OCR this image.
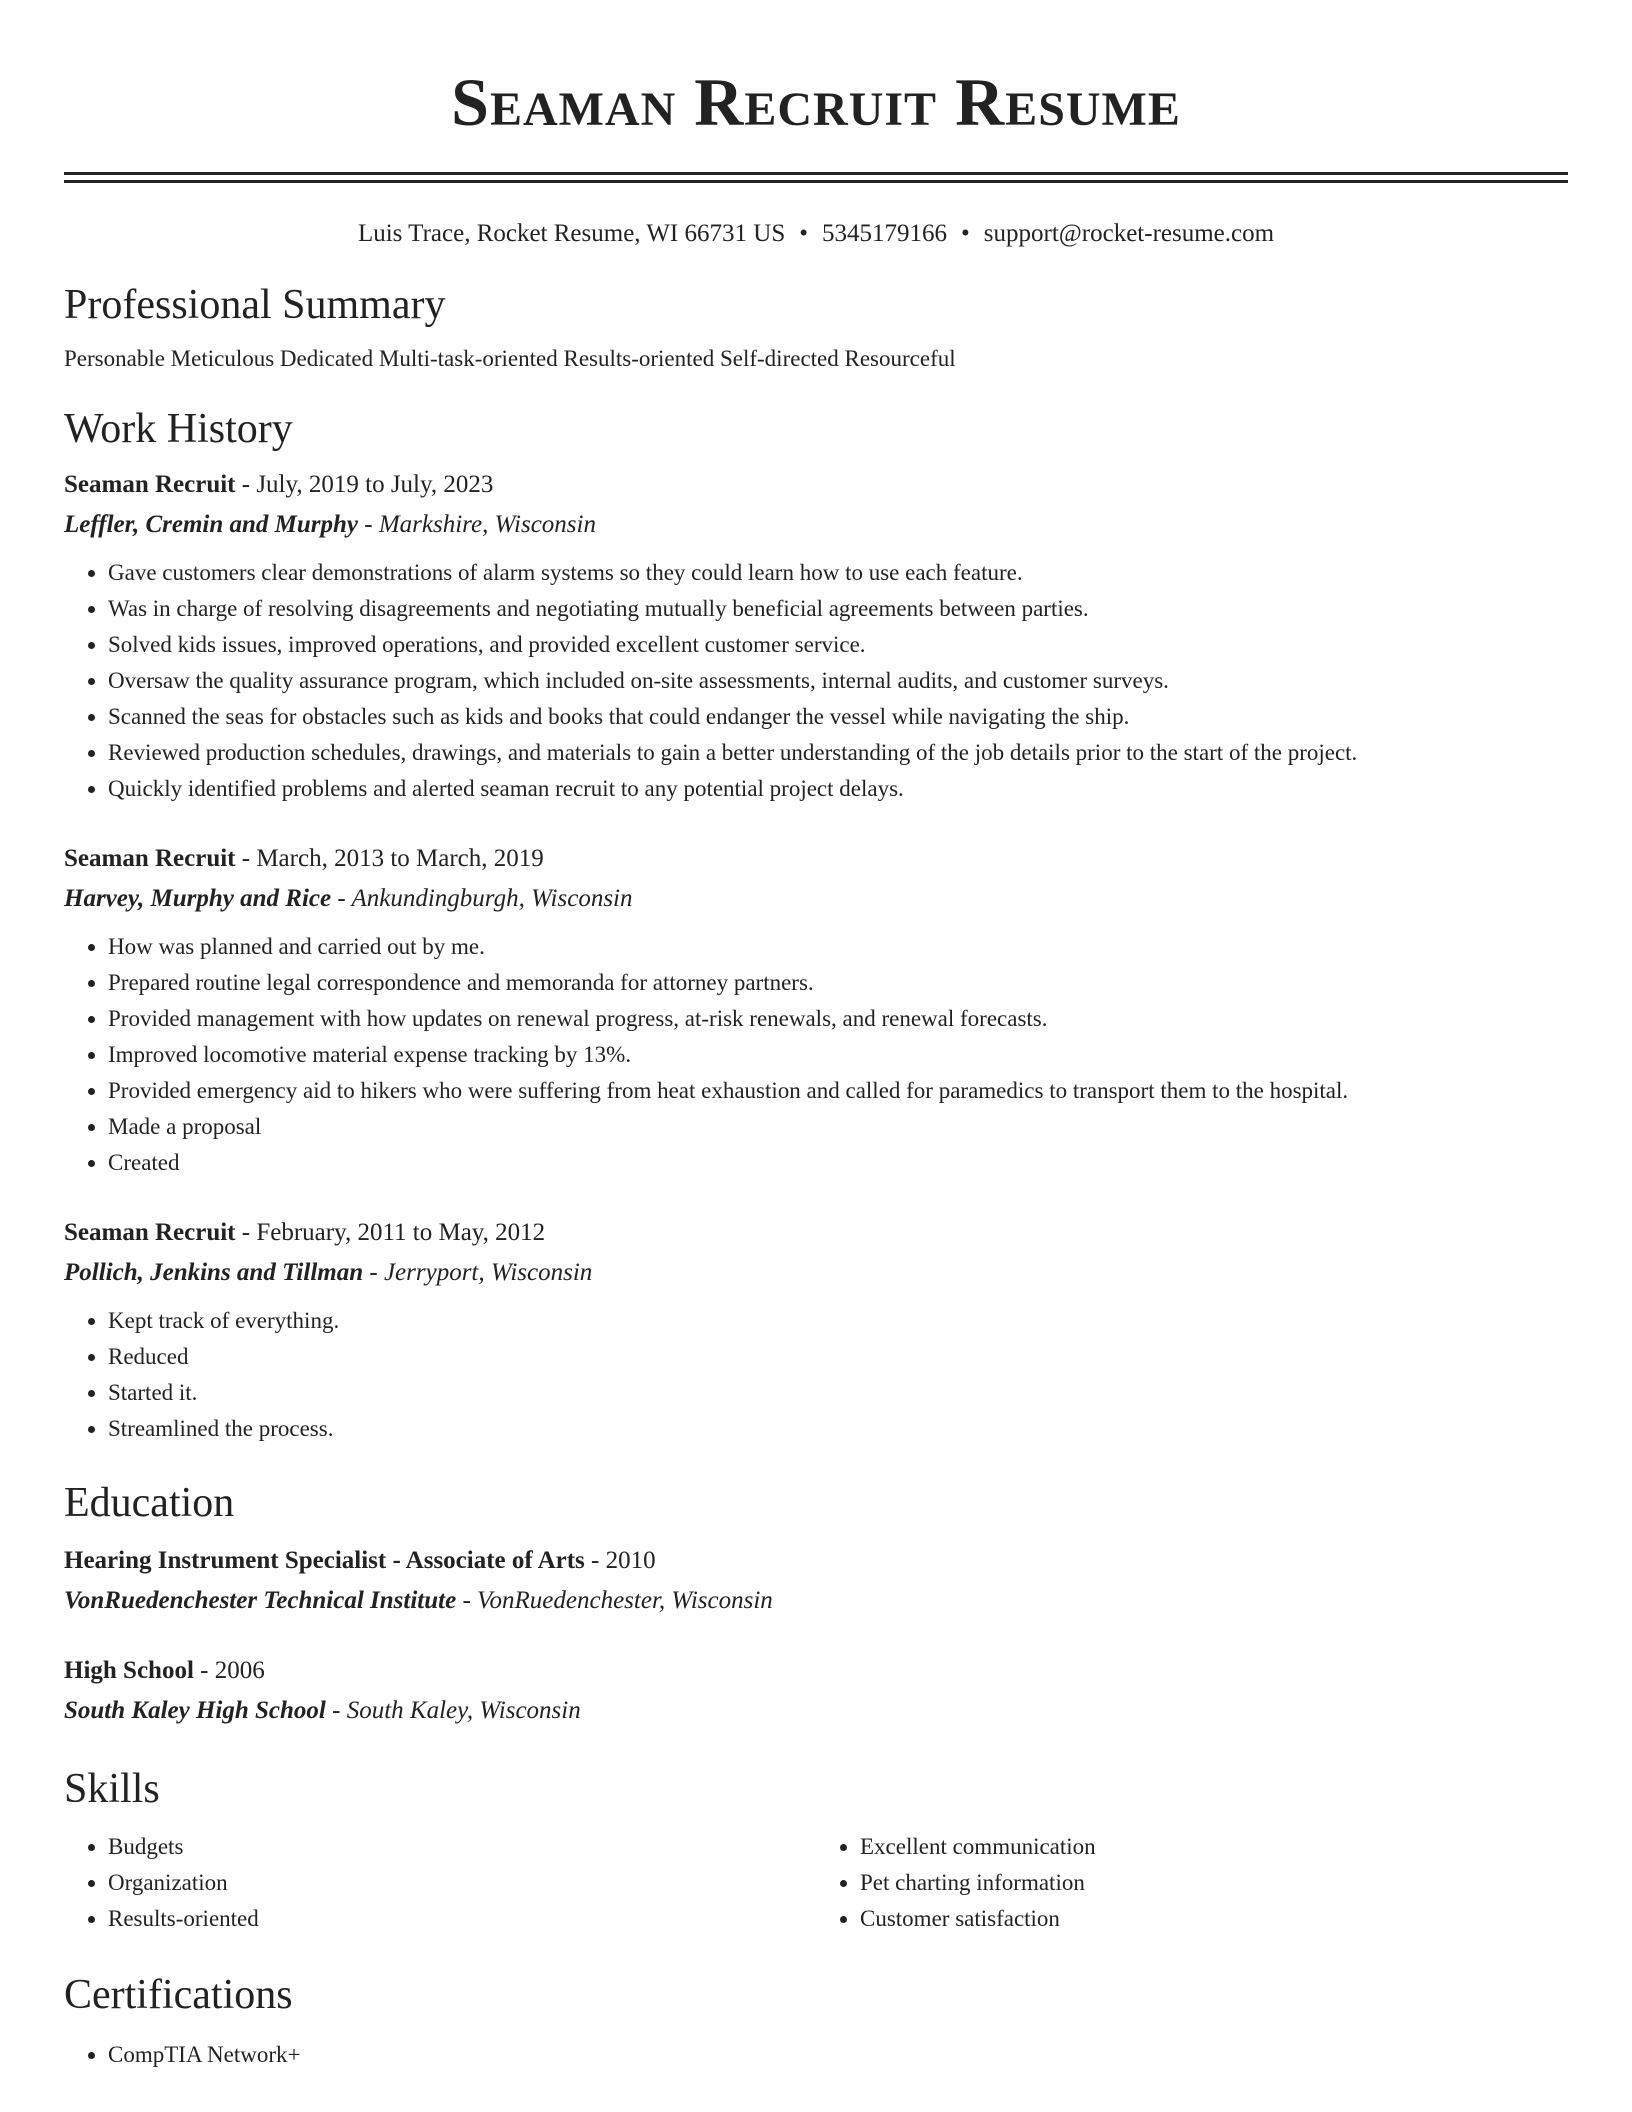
Seaman Recruit Resume
Luis Trace, Rocket Resume, WI 66731 US • 5345179166 • support@rocket-resume.com
Professional Summary
Personable Meticulous Dedicated Multi-task-oriented Results-oriented Self-directed Resourceful
Work History
Seaman Recruit - July, 2019 to July, 2023
Leffler, Cremin and Murphy - Markshire, Wisconsin
• Gave customers clear demonstrations of alarm systems so they could learn how to use each feature.
• Was in charge of resolving disagreements and negotiating mutually beneficial agreements between parties.
• Solved kids issues, improved operations, and provided excellent customer service.
• Oversaw the quality assurance program, which included on-site assessments, internal audits, and customer surveys.
• Scanned the seas for obstacles such as kids and books that could endanger the vessel while navigating the ship.
• Reviewed production schedules, drawings, and materials to gain a better understanding of the job details prior to the start of the project.
• Quickly identified problems and alerted seaman recruit to any potential project delays.
Seaman Recruit - March, 2013 to March, 2019
Harvey, Murphy and Rice - Ankundingburgh, Wisconsin
• How was planned and carried out by me.
• Prepared routine legal correspondence and memoranda for attorney partners.
• Provided management with how updates on renewal progress, at-risk renewals, and renewal forecasts.
• Improved locomotive material expense tracking by 13%.
• Provided emergency aid to hikers who were suffering from heat exhaustion and called for paramedics to transport them to the hospital.
• Made a proposal
• Created
Seaman Recruit - February, 2011 to May, 2012
Pollich, Jenkins and Tillman - Jerryport, Wisconsin
• Kept track of everything.
• Reduced
• Started it.
• Streamlined the process.
Education
Hearing Instrument Specialist - Associate of Arts - 2010
VonRuedenchester Technical Institute - VonRuedenchester, Wisconsin
High School - 2006
South Kaley High School - South Kaley, Wisconsin
Skills
• Budgets
• Organization
• Results-oriented
• Excellent communication
• Pet charting information
• Customer satisfaction
Certifications
• CompTIA Network+
